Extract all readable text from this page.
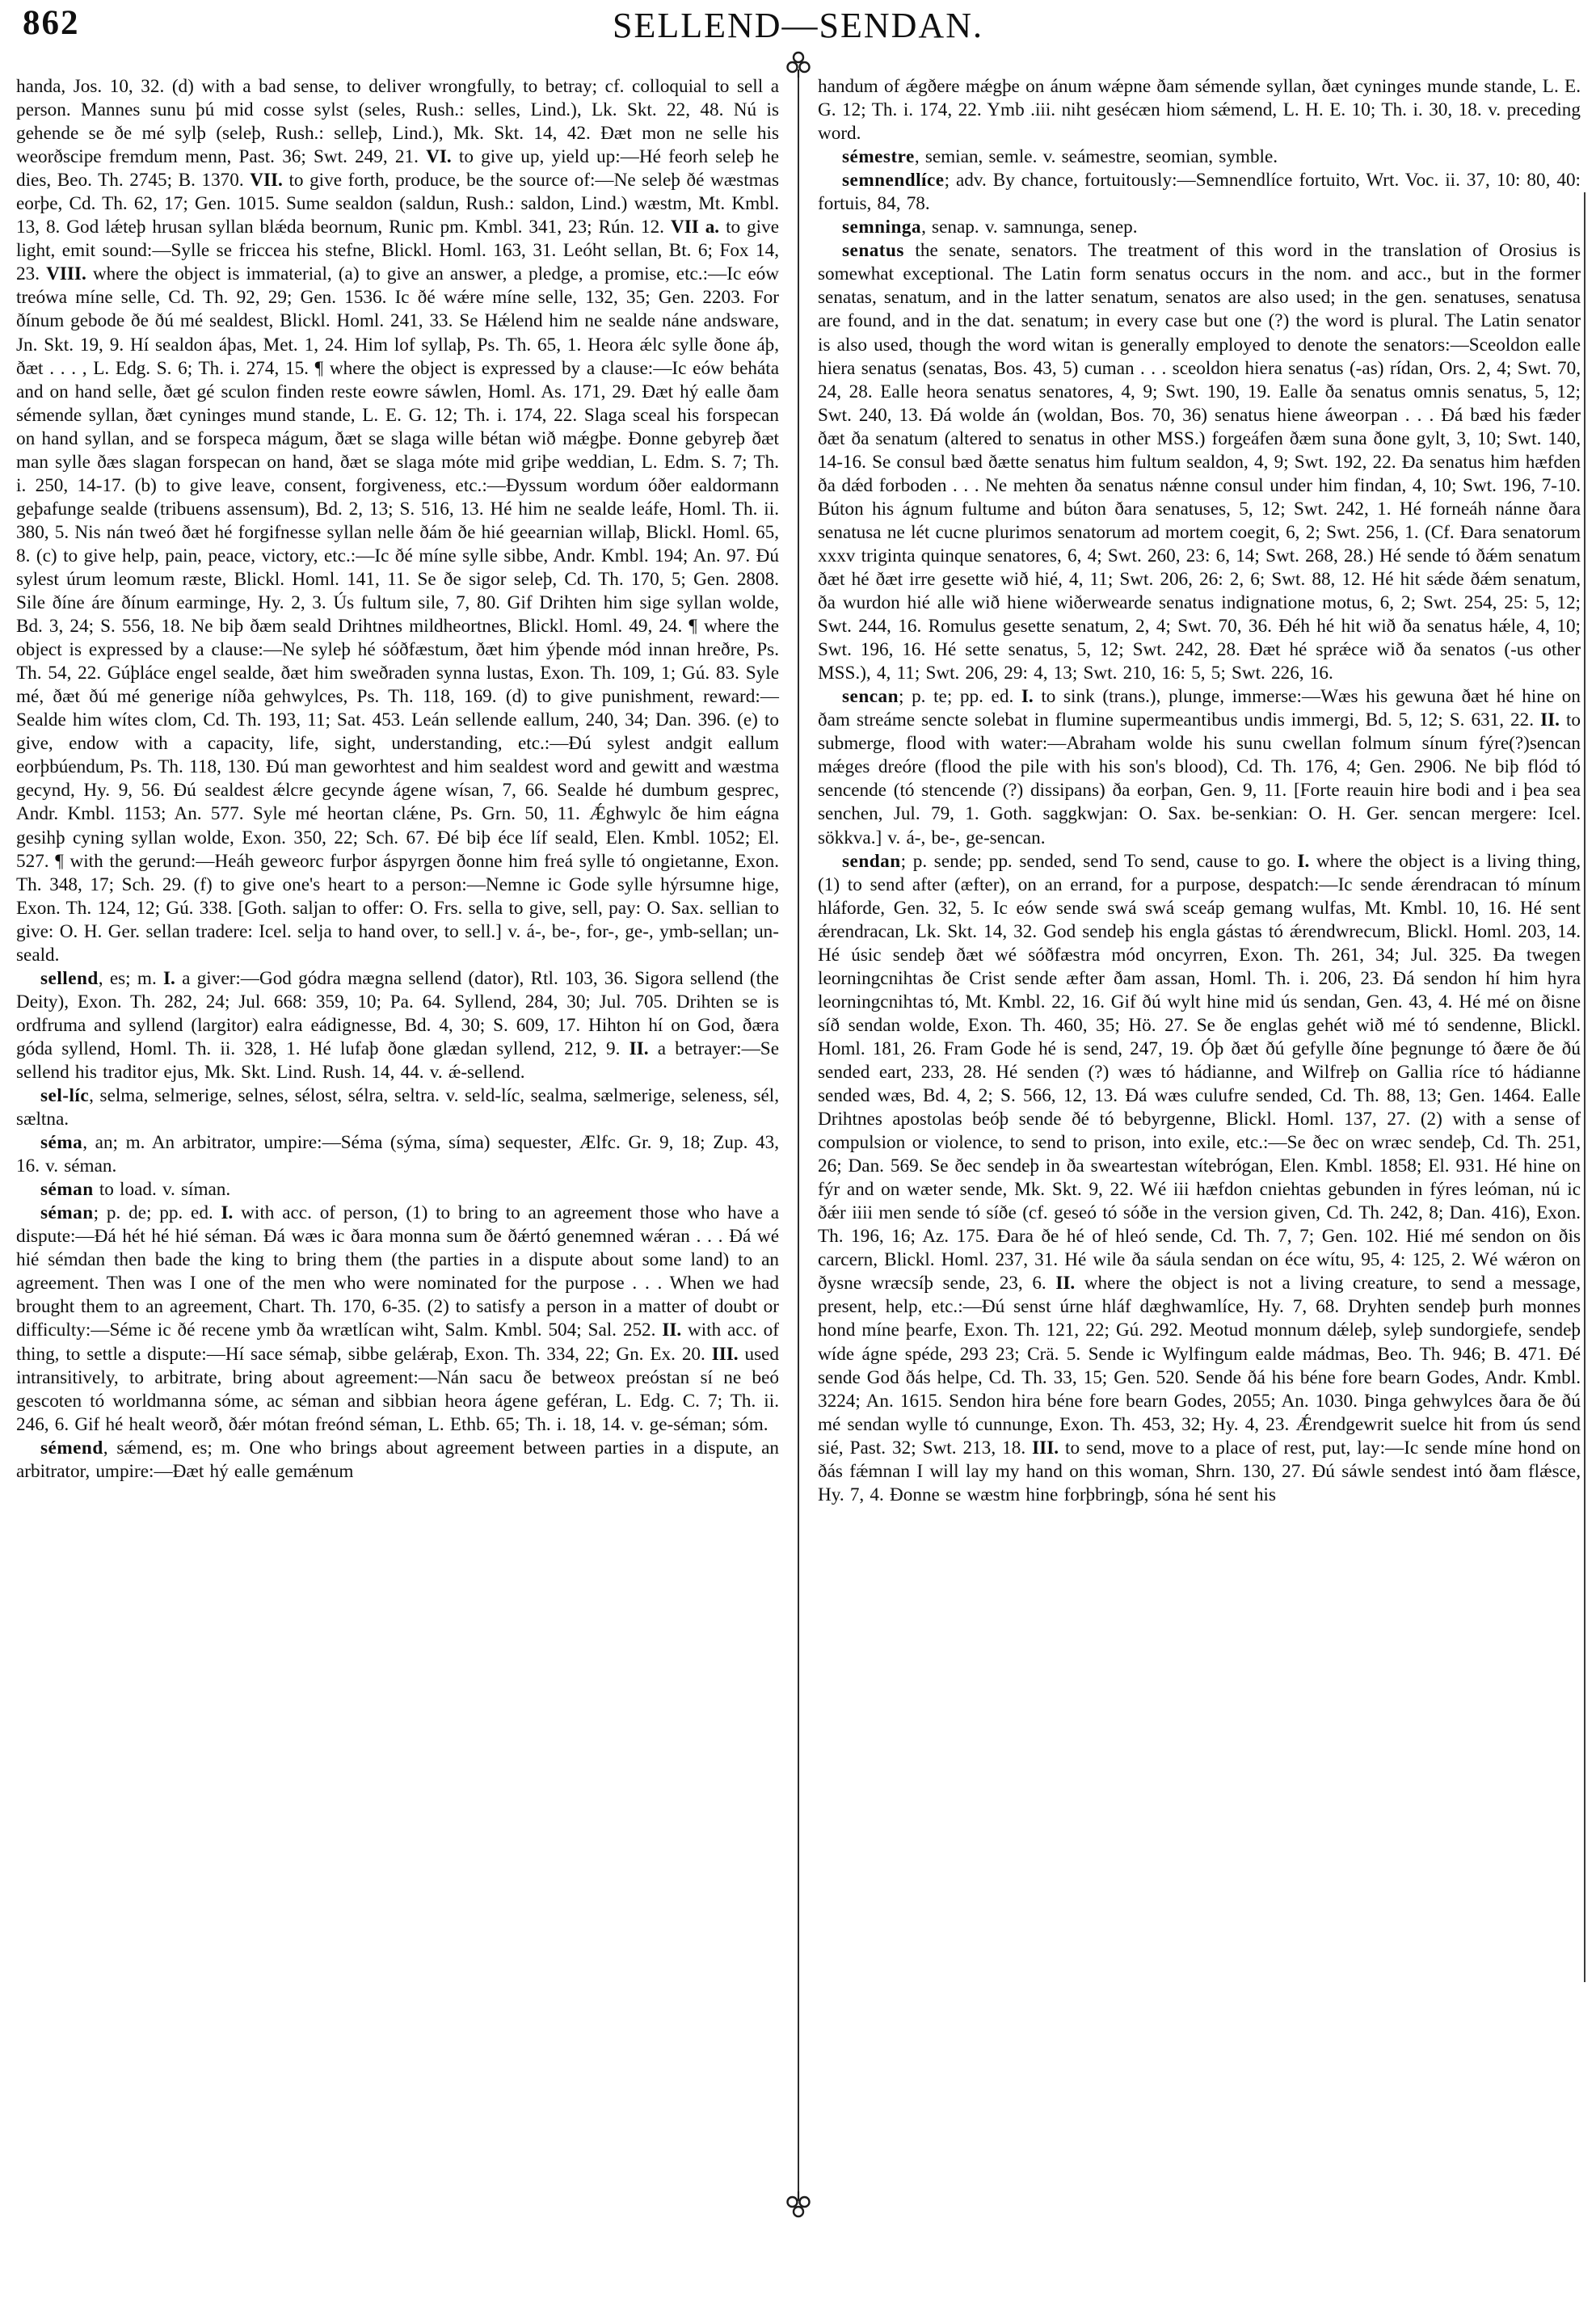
862	SELLEND—SENDAN.

handa, Jos. 10, 32. (d) with a bad sense, to deliver wrongfully, to betray; cf. colloquial to sell a person. Mannes sunu þú mid cosse sylst (seles, Rush.: selles, Lind.), Lk. Skt. 22, 48. Nú is gehende se ðe mé sylþ (seleþ, Rush.: selleþ, Lind.), Mk. Skt. 14, 42. Ðæt mon ne selle his weorðscipe fremdum menn, Past. 36; Swt. 249, 21. VI. to give up, yield up:—Hé feorh seleþ he dies, Beo. Th. 2745; B. 1370. VII. to give forth, produce, be the source of:—Ne seleþ ðé wæstmas eorþe, Cd. Th. 62, 17; Gen. 1015. Sume sealdon (saldun, Rush.: saldon, Lind.) wæstm, Mt. Kmbl. 13, 8. God lǽteþ hrusan syllan blǽda beornum, Runic pm. Kmbl. 341, 23; Rún. 12. VII a. to give light, emit sound:—Sylle se friccea his stefne, Blickl. Homl. 163, 31. Leóht sellan, Bt. 6; Fox 14, 23. VIII. where the object is immaterial, (a) to give an answer, a pledge, a promise, etc.:—Ic eów treówa míne selle, Cd. Th. 92, 29; Gen. 1536. Ic ðé wǽre míne selle, 132, 35; Gen. 2203. For ðínum gebode ðe ðú mé sealdest, Blickl. Homl. 241, 33. Se Hǽlend him ne sealde náne andsware, Jn. Skt. 19, 9. Hí sealdon áþas, Met. 1, 24. Him lof syllaþ, Ps. Th. 65, 1. Heora ǽlc sylle ðone áþ, ðæt . . . , L. Edg. S. 6; Th. i. 274, 15. ¶ where the object is expressed by a clause:—Ic eów beháta and on hand selle, ðæt gé sculon finden reste eowre sáwlen, Homl. As. 171, 29. Ðæt hý ealle ðam sémende syllan, ðæt cyninges mund stande, L. E. G. 12; Th. i. 174, 22. Slaga sceal his forspecan on hand syllan, and se forspeca mágum, ðæt se slaga wille bétan wið mǽgþe. Ðonne gebyreþ ðæt man sylle ðæs slagan forspecan on hand, ðæt se slaga móte mid griþe weddian, L. Edm. S. 7; Th. i. 250, 14-17. (b) to give leave, consent, forgiveness, etc.:—Ðyssum wordum óðer ealdormann geþafunge sealde (tribuens assensum), Bd. 2, 13; S. 516, 13. Hé him ne sealde leáfe, Homl. Th. ii. 380, 5. Nis nán tweó ðæt hé forgifnesse syllan nelle ðám ðe hié geearnian willaþ, Blickl. Homl. 65, 8. (c) to give help, pain, peace, victory, etc.:—Ic ðé míne sylle sibbe, Andr. Kmbl. 194; An. 97. Ðú sylest úrum leomum ræste, Blickl. Homl. 141, 11. Se ðe sigor seleþ, Cd. Th. 170, 5; Gen. 2808. Sile ðíne áre ðínum earminge, Hy. 2, 3. Ús fultum sile, 7, 80. Gif Drihten him sige syllan wolde, Bd. 3, 24; S. 556, 18. Ne biþ ðæm seald Drihtnes mildheortnes, Blickl. Homl. 49, 24. ¶ where the object is expressed by a clause:—Ne syleþ hé sóðfæstum, ðæt him ýþende mód innan hreðre, Ps. Th. 54, 22. Gúþláce engel sealde, ðæt him sweðraden synna lustas, Exon. Th. 109, 1; Gú. 83. Syle mé, ðæt ðú mé generige níða gehwylces, Ps. Th. 118, 169. (d) to give punishment, reward:—Sealde him wítes clom, Cd. Th. 193, 11; Sat. 453. Leán sellende eallum, 240, 34; Dan. 396. (e) to give, endow with a capacity, life, sight, understanding, etc.:—Ðú sylest andgit eallum eorþbúendum, Ps. Th. 118, 130. Ðú man geworhtest and him sealdest word and gewitt and wæstma gecynd, Hy. 9, 56. Ðú sealdest ǽlcre gecynde ágene wísan, 7, 66. Sealde hé dumbum gesprec, Andr. Kmbl. 1153; An. 577. Syle mé heortan clǽne, Ps. Grn. 50, 11. Ǽghwylc ðe him eágna gesihþ cyning syllan wolde, Exon. 350, 22; Sch. 67. Ðé biþ éce líf seald, Elen. Kmbl. 1052; El. 527. ¶ with the gerund:—Heáh geweorc furþor áspyrgen ðonne him freá sylle tó ongietanne, Exon. Th. 348, 17; Sch. 29. (f) to give one's heart to a person:—Nemne ic Gode sylle hýrsumne hige, Exon. Th. 124, 12; Gú. 338. [Goth. saljan to offer: O. Frs. sella to give, sell, pay: O. Sax. sellian to give: O. H. Ger. sellan tradere: Icel. selja to hand over, to sell.] v. á-, be-, for-, ge-, ymb-sellan; un-seald.

sellend, es; m. I. a giver:—God gódra mægna sellend (dator), Rtl. 103, 36. Sigora sellend (the Deity), Exon. Th. 282, 24; Jul. 668: 359, 10; Pa. 64. Syllend, 284, 30; Jul. 705. Drihten se is ordfruma and syllend (largitor) ealra eádignesse, Bd. 4, 30; S. 609, 17. Hihton hí on God, ðæra góda syllend, Homl. Th. ii. 328, 1. Hé lufaþ ðone glædan syllend, 212, 9. II. a betrayer:—Se sellend his traditor ejus, Mk. Skt. Lind. Rush. 14, 44. v. ǽ-sellend.

sel-líc, selma, selmerige, selnes, sélost, sélra, seltra. v. seld-líc, sealma, sælmerige, seleness, sél, sæltna.

séma, an; m. An arbitrator, umpire:—Séma (sýma, síma) sequester, Ælfc. Gr. 9, 18; Zup. 43, 16. v. séman.

séman to load. v. síman.

séman; p. de; pp. ed. I. with acc. of person, (1) to bring to an agreement those who have a dispute:—Ðá hét hé hié séman. Ðá wæs ic ðara monna sum ðe ðǽrtó genemned wǽran . . . Ðá wé hié sémdan then bade the king to bring them (the parties in a dispute about some land) to an agreement. Then was I one of the men who were nominated for the purpose . . . When we had brought them to an agreement, Chart. Th. 170, 6-35. (2) to satisfy a person in a matter of doubt or difficulty:—Séme ic ðé recene ymb ða wrætlícan wiht, Salm. Kmbl. 504; Sal. 252. II. with acc. of thing, to settle a dispute:—Hí sace sémaþ, sibbe gelǽraþ, Exon. Th. 334, 22; Gn. Ex. 20. III. used intransitively, to arbitrate, bring about agreement:—Nán sacu ðe betweox preóstan sí ne beó gescoten tó worldmanna sóme, ac séman and sibbian heora ágene geféran, L. Edg. C. 7; Th. ii. 246, 6. Gif hé healt weorð, ðǽr mótan freónd séman, L. Ethb. 65; Th. i. 18, 14. v. ge-séman; sóm.

sémend, sǽmend, es; m. One who brings about agreement between parties in a dispute, an arbitrator, umpire:—Ðæt hý ealle gemǽnum

handum of ǽgðere mǽgþe on ánum wǽpne ðam sémende syllan, ðæt cyninges munde stande, L. E. G. 12; Th. i. 174, 22. Ymb .iii. niht gesécæn hiom sǽmend, L. H. E. 10; Th. i. 30, 18. v. preceding word.

sémestre, semian, semle. v. seámestre, seomian, symble.

semnendlíce; adv. By chance, fortuitously:—Semnendlíce fortuito, Wrt. Voc. ii. 37, 10: 80, 40: fortuis, 84, 78.

semninga, senap. v. samnunga, senep.

senatus the senate, senators. The treatment of this word in the translation of Orosius is somewhat exceptional. The Latin form senatus occurs in the nom. and acc., but in the former senatas, senatum, and in the latter senatum, senatos are also used; in the gen. senatuses, senatusa are found, and in the dat. senatum; in every case but one (?) the word is plural. The Latin senator is also used, though the word witan is generally employed to denote the senators:—Sceoldon ealle hiera senatus (senatas, Bos. 43, 5) cuman . . . sceoldon hiera senatus (-as) rídan, Ors. 2, 4; Swt. 70, 24, 28. Ealle heora senatus senatores, 4, 9; Swt. 190, 19. Ealle ða senatus omnis senatus, 5, 12; Swt. 240, 13. Ðá wolde án (woldan, Bos. 70, 36) senatus hiene áweorpan . . . Ðá bæd his fæder ðæt ða senatum (altered to senatus in other MSS.) forgeáfen ðæm suna ðone gylt, 3, 10; Swt. 140, 14-16. Se consul bæd ðætte senatus him fultum sealdon, 4, 9; Swt. 192, 22. Ða senatus him hæfden ða dǽd forboden . . . Ne mehten ða senatus nǽnne consul under him findan, 4, 10; Swt. 196, 7-10. Búton his ágnum fultume and búton ðara senatuses, 5, 12; Swt. 242, 1. Hé forneáh nánne ðara senatusa ne lét cucne plurimos senatorum ad mortem coegit, 6, 2; Swt. 256, 1. (Cf. Ðara senatorum xxxv triginta quinque senatores, 6, 4; Swt. 260, 23: 6, 14; Swt. 268, 28.) Hé sende tó ðǽm senatum ðæt hé ðæt irre gesette wið hié, 4, 11; Swt. 206, 26: 2, 6; Swt. 88, 12. Hé hit sǽde ðǽm senatum, ða wurdon hié alle wið hiene wiðerwearde senatus indignatione motus, 6, 2; Swt. 254, 25: 5, 12; Swt. 244, 16. Romulus gesette senatum, 2, 4; Swt. 70, 36. Ðéh hé hit wið ða senatus hǽle, 4, 10; Swt. 196, 16. Hé sette senatus, 5, 12; Swt. 242, 28. Ðæt hé sprǽce wið ða senatos (-us other MSS.), 4, 11; Swt. 206, 29: 4, 13; Swt. 210, 16: 5, 5; Swt. 226, 16.

sencan; p. te; pp. ed. I. to sink (trans.), plunge, immerse:—Wæs his gewuna ðæt hé hine on ðam streáme sencte solebat in flumine supermeantibus undis immergi, Bd. 5, 12; S. 631, 22. II. to submerge, flood with water:—Abraham wolde his sunu cwellan folmum sínum fýre(?)sencan mǽges dreóre (flood the pile with his son's blood), Cd. Th. 176, 4; Gen. 2906. Ne biþ flód tó sencende (tó stencende (?) dissipans) ða eorþan, Gen. 9, 11. [Forte reauin hire bodi and i þea sea senchen, Jul. 79, 1. Goth. saggkwjan: O. Sax. be-senkian: O. H. Ger. sencan mergere: Icel. sökkva.] v. á-, be-, ge-sencan.

sendan; p. sende; pp. sended, send To send, cause to go. I. where the object is a living thing, (1) to send after (æfter), on an errand, for a purpose, despatch:—Ic sende ǽrendracan tó mínum hláforde, Gen. 32, 5. Ic eów sende swá swá sceáp gemang wulfas, Mt. Kmbl. 10, 16. Hé sent ǽrendracan, Lk. Skt. 14, 32. God sendeþ his engla gástas tó ǽrendwrecum, Blickl. Homl. 203, 14. Hé úsic sendeþ ðæt wé sóðfæstra mód oncyrren, Exon. Th. 261, 34; Jul. 325. Ða twegen leorningcnihtas ðe Crist sende æfter ðam assan, Homl. Th. i. 206, 23. Ðá sendon hí him hyra leorningcnihtas tó, Mt. Kmbl. 22, 16. Gif ðú wylt hine mid ús sendan, Gen. 43, 4. Hé mé on ðisne síð sendan wolde, Exon. Th. 460, 35; Hö. 27. Se ðe englas gehét wið mé tó sendenne, Blickl. Homl. 181, 26. Fram Gode hé is send, 247, 19. Óþ ðæt ðú gefylle ðíne þegnunge tó ðære ðe ðú sended eart, 233, 28. Hé senden (?) wæs tó hádianne, and Wilfreþ on Gallia ríce tó hádianne sended wæs, Bd. 4, 2; S. 566, 12, 13. Ðá wæs culufre sended, Cd. Th. 88, 13; Gen. 1464. Ealle Drihtnes apostolas beóþ sende ðé tó bebyrgenne, Blickl. Homl. 137, 27. (2) with a sense of compulsion or violence, to send to prison, into exile, etc.:—Se ðec on wræc sendeþ, Cd. Th. 251, 26; Dan. 569. Se ðec sendeþ in ða sweartestan wítebrógan, Elen. Kmbl. 1858; El. 931. Hé hine on fýr and on wæter sende, Mk. Skt. 9, 22. Wé iii hæfdon cniehtas gebunden in fýres leóman, nú ic ðǽr iiii men sende tó síðe (cf. geseó tó sóðe in the version given, Cd. Th. 242, 8; Dan. 416), Exon. Th. 196, 16; Az. 175. Ðara ðe hé of hleó sende, Cd. Th. 7, 7; Gen. 102. Hié mé sendon on ðis carcern, Blickl. Homl. 237, 31. Hé wile ða sáula sendan on éce wítu, 95, 4: 125, 2. Wé wǽron on ðysne wræcsíþ sende, 23, 6. II. where the object is not a living creature, to send a message, present, help, etc.:—Ðú senst úrne hláf dæghwamlíce, Hy. 7, 68. Dryhten sendeþ þurh monnes hond míne þearfe, Exon. Th. 121, 22; Gú. 292. Meotud monnum dǽleþ, syleþ sundorgiefe, sendeþ wíde ágne spéde, 293 23; Crä. 5. Sende ic Wylfingum ealde mádmas, Beo. Th. 946; B. 471. Ðé sende God ðás helpe, Cd. Th. 33, 15; Gen. 520. Sende ðá his béne fore bearn Godes, Andr. Kmbl. 3224; An. 1615. Sendon hira béne fore bearn Godes, 2055; An. 1030. Þinga gehwylces ðara ðe ðú mé sendan wylle tó cunnunge, Exon. Th. 453, 32; Hy. 4, 23. Ǽrendgewrit suelce hit from ús send sié, Past. 32; Swt. 213, 18. III. to send, move to a place of rest, put, lay:—Ic sende míne hond on ðás fǽmnan I will lay my hand on this woman, Shrn. 130, 27. Ðú sáwle sendest intó ðam flǽsce, Hy. 7, 4. Ðonne se wæstm hine forþbringþ, sóna hé sent his
